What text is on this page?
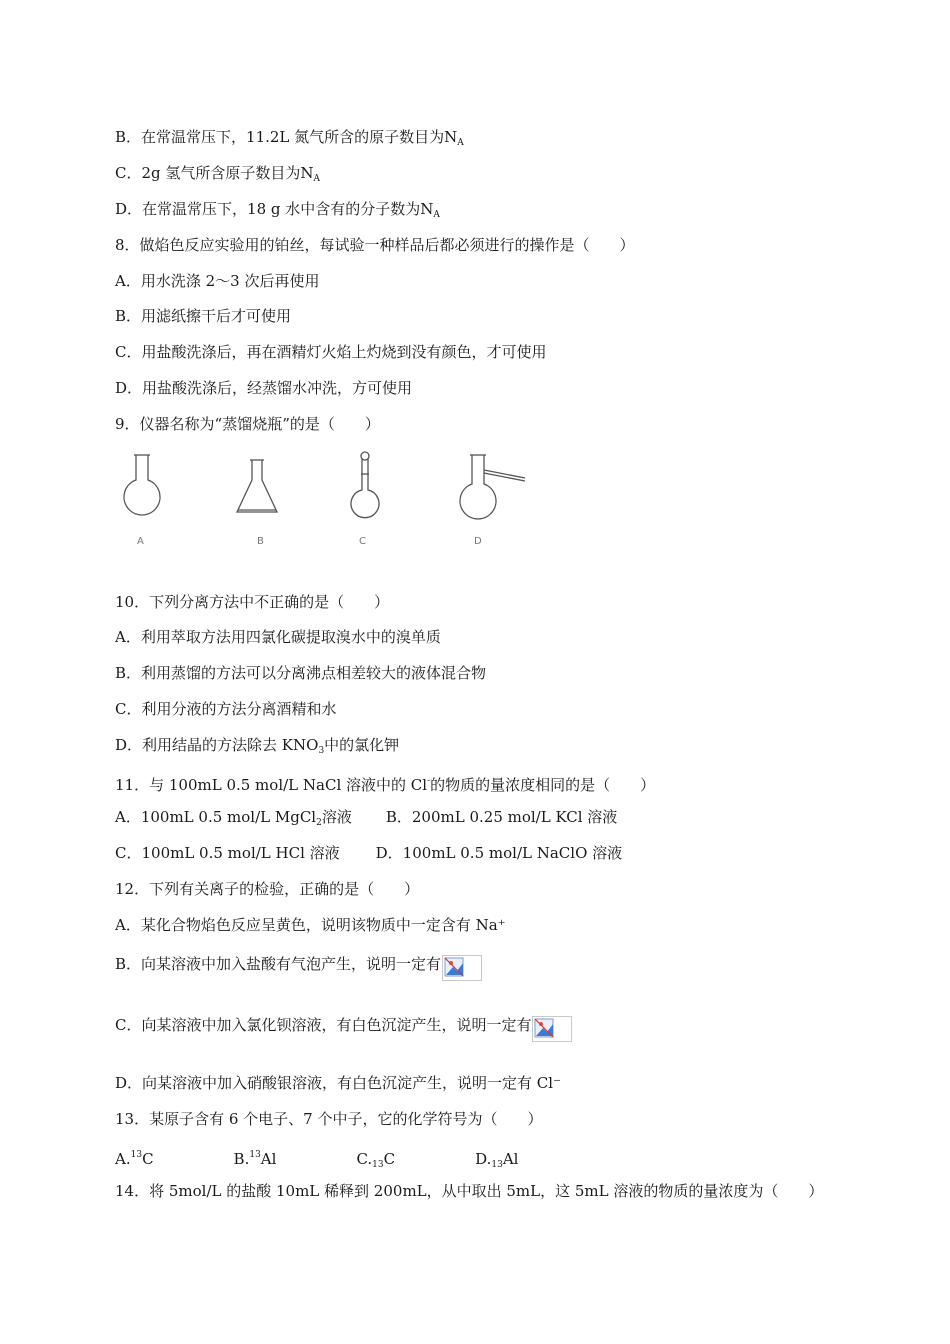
B．在常温常压下，11.2L 氮气所含的原子数目为$N_A$
C．2g 氢气所含原子数目为$N_A$
D．在常温常压下，18 g 水中含有的分子数为$N_A$
8．做焰色反应实验用的铂丝，每试验一种样品后都必须进行的操作是（　　）
A．用水洗涤 2～3 次后再使用
B．用滤纸擦干后才可使用
C．用盐酸洗涤后，再在酒精灯火焰上灼烧到没有颜色，才可使用
D．用盐酸洗涤后，经蒸馏水冲洗，方可使用
9．仪器名称为“蒸馏烧瓶”的是（　　）
A	B	C	D
10．下列分离方法中不正确的是（　　）
A．利用萃取方法用四氯化碳提取溴水中的溴单质
B．利用蒸馏的方法可以分离沸点相差较大的液体混合物
C．利用分液的方法分离酒精和水
D．利用结晶的方法除去 $KNO_3$中的氯化钾
11．与 100mL 0.5 mol/L NaCl 溶液中的 Cl-的物质的量浓度相同的是（　　）
A．100mL 0.5 mol/L MgCl$_2$溶液 B．200mL 0.25 mol/L KCl 溶液
C．100mL 0.5 mol/L HCl 溶液 D．100mL 0.5 mol/L NaClO 溶液
12．下列有关离子的检验，正确的是（　　）
A．某化合物焰色反应呈黄色，说明该物质中一定含有 Na⁺
B．向某溶液中加入盐酸有气泡产生，说明一定有
C．向某溶液中加入氯化钡溶液，有白色沉淀产生，说明一定有
D．向某溶液中加入硝酸银溶液，有白色沉淀产生，说明一定有 Cl⁻
13．某原子含有 6 个电子、7 个中子，它的化学符号为（　　）
A.$^{13}$C	B.$^{13}$Al	$C._{13}C$	$D._{13}Al$
14．将 5mol/L 的盐酸 10mL 稀释到 200mL，从中取出 5mL，这 5mL 溶液的物质的量浓度为（　　）
